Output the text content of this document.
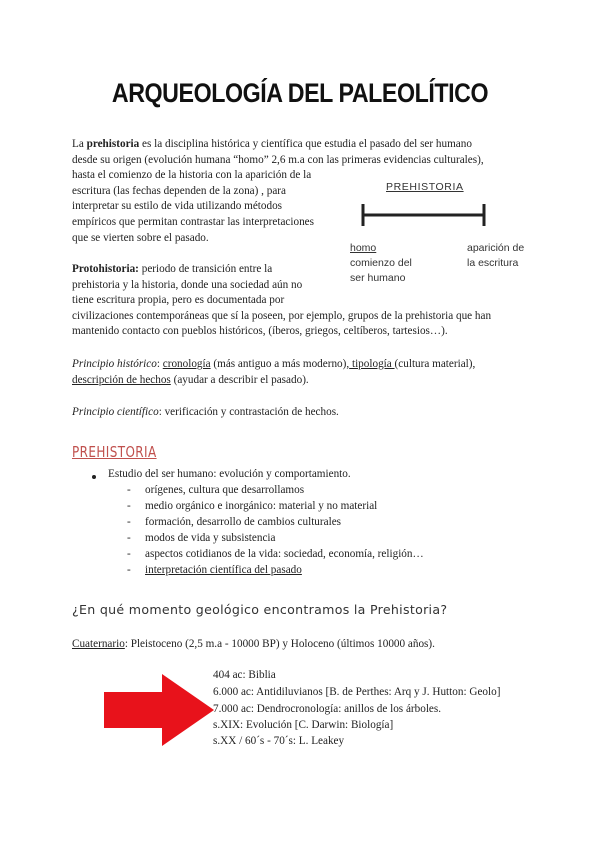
ARQUEOLOGÍA DEL PALEOLÍTICO
La prehistoria es la disciplina histórica y científica que estudia el pasado del ser humano
desde su origen (evolución humana “homo” 2,6 m.a con las primeras evidencias culturales),
hasta el comienzo de la historia con la aparición de la
escritura (las fechas dependen de la zona) , para
interpretar su estilo de vida utilizando métodos
empíricos que permitan contrastar las interpretaciones
que se vierten sobre el pasado.
PREHISTORIA
homo
comienzo del
ser humano
aparición de
la escritura
Protohistoria: periodo de transición entre la
prehistoria y la historia, donde una sociedad aún no
tiene escritura propia, pero es documentada por
civilizaciones contemporáneas que sí la poseen, por ejemplo, grupos de la prehistoria que han
mantenido contacto con pueblos históricos, (íberos, griegos, celtíberos, tartesios…).
Principio histórico: cronología (más antiguo a más moderno), tipología (cultura material),
descripción de hechos (ayudar a describir el pasado).
Principio científico: verificación y contrastación de hechos.
PREHISTORIA
Estudio del ser humano: evolución y comportamiento.
- orígenes, cultura que desarrollamos
- medio orgánico e inorgánico: material y no material
- formación, desarrollo de cambios culturales
- modos de vida y subsistencia
- aspectos cotidianos de la vida: sociedad, economía, religión…
- interpretación científica del pasado
¿En qué momento geológico encontramos la Prehistoria?
Cuaternario: Pleistoceno (2,5 m.a - 10000 BP) y Holoceno (últimos 10000 años).
404 ac: Biblia
6.000 ac: Antidiluvianos [B. de Perthes: Arq y J. Hutton: Geolo]
7.000 ac: Dendrocronología: anillos de los árboles.
s.XIX: Evolución [C. Darwin: Biología]
s.XX / 60´s - 70´s: L. Leakey
